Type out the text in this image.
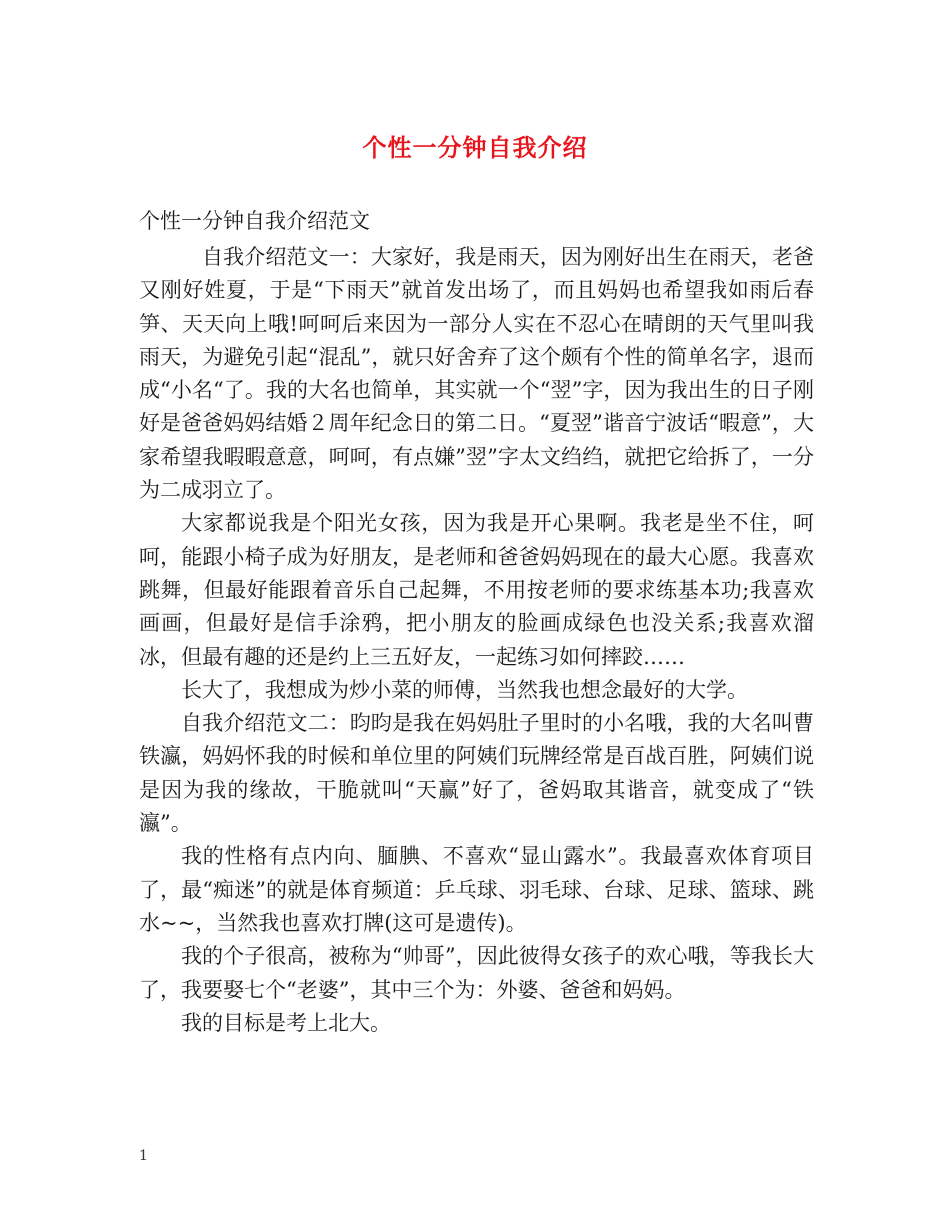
个性一分钟自我介绍
个性一分钟自我介绍范文

自我介绍范文一：大家好，我是雨天，因为刚好出生在雨天，老爸又刚好姓夏，于是“下雨天”就首发出场了，而且妈妈也希望我如雨后春笋、天天向上哦!呵呵后来因为一部分人实在不忍心在晴朗的天气里叫我雨天，为避免引起“混乱”，就只好舍弃了这个颇有个性的简单名字，退而成“小名“了。我的大名也简单，其实就一个“翌”字，因为我出生的日子刚好是爸爸妈妈结婚２周年纪念日的第二日。“夏翌”谐音宁波话“暇意”，大家希望我暇暇意意，呵呵，有点嫌”翌”字太文绉绉，就把它给拆了，一分为二成羽立了。

大家都说我是个阳光女孩，因为我是开心果啊。我老是坐不住，呵呵，能跟小椅子成为好朋友，是老师和爸爸妈妈现在的最大心愿。我喜欢跳舞，但最好能跟着音乐自己起舞，不用按老师的要求练基本功;我喜欢画画，但最好是信手涂鸦，把小朋友的脸画成绿色也没关系;我喜欢溜冰，但最有趣的还是约上三五好友，一起练习如何摔跤……

长大了，我想成为炒小菜的师傅，当然我也想念最好的大学。

自我介绍范文二：昀昀是我在妈妈肚子里时的小名哦，我的大名叫曹铁瀛，妈妈怀我的时候和单位里的阿姨们玩牌经常是百战百胜，阿姨们说是因为我的缘故，干脆就叫“天赢”好了，爸妈取其谐音，就变成了“铁瀛”。

我的性格有点内向、腼腆、不喜欢“显山露水”。我最喜欢体育项目了，最“痴迷”的就是体育频道：乒乓球、羽毛球、台球、足球、篮球、跳水~~，当然我也喜欢打牌(这可是遗传)。

我的个子很高，被称为“帅哥”，因此彼得女孩子的欢心哦，等我长大了，我要娶七个“老婆”，其中三个为：外婆、爸爸和妈妈。

我的目标是考上北大。

1
